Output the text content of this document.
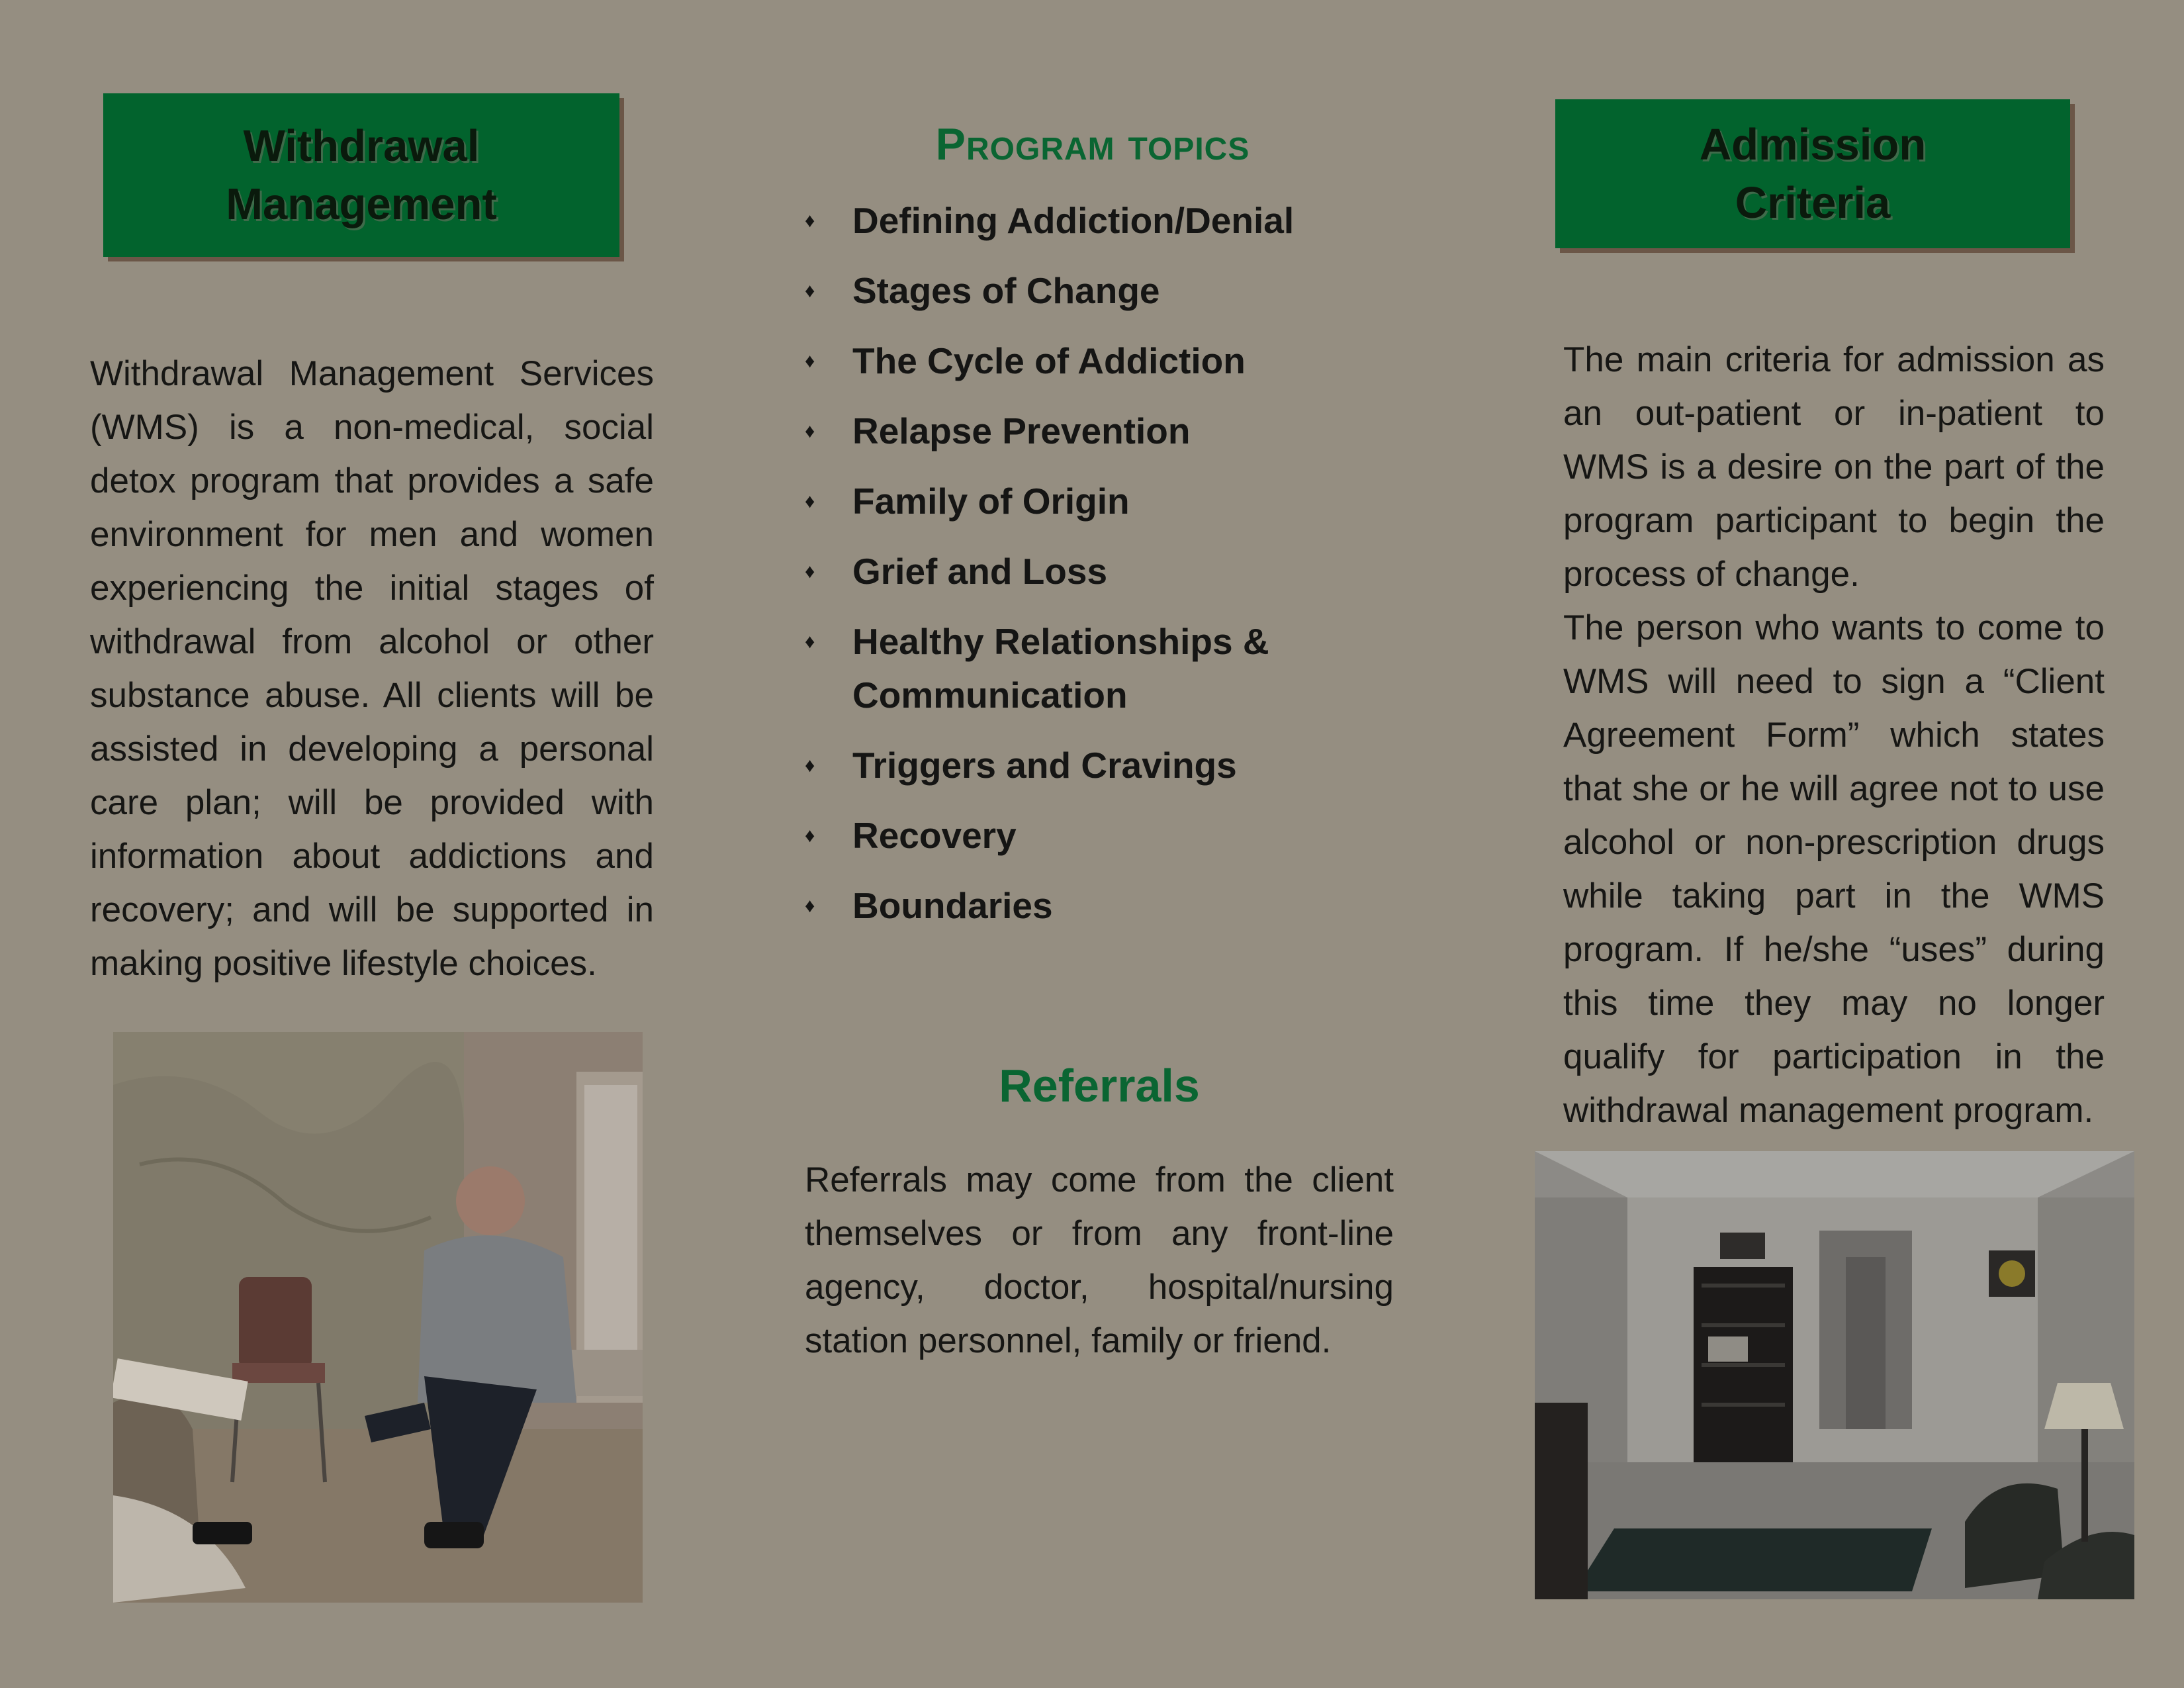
Withdrawal
Management
Withdrawal Management Services (WMS) is a non-medical, social detox program that provides a safe environment for men and women experiencing the initial stages of withdrawal from alcohol or other substance abuse. All clients will be assisted in developing a personal care plan; will be provided with information about addictions and recovery; and will be supported in making positive lifestyle choices.
Program topics
♦ Defining Addiction/Denial
♦ Stages of Change
♦ The Cycle of Addiction
♦ Relapse Prevention
♦ Family of Origin
♦ Grief and Loss
♦ Healthy Relationships & Communication
♦ Triggers and Cravings
♦ Recovery
♦ Boundaries
Referrals
Referrals may come from the client themselves or from any front-line agency, doctor, hospital/nursing station personnel, family or friend.
Admission
Criteria

The main criteria for admission as an out-patient or in-patient to WMS is a desire on the part of the program participant to begin the process of change.

The person who wants to come to WMS will need to sign a “Client Agreement Form” which states that she or he will agree not to use alcohol or non-prescription drugs while taking part in the WMS program. If he/she “uses” during this time they may no longer qualify for participation in the withdrawal management program.
